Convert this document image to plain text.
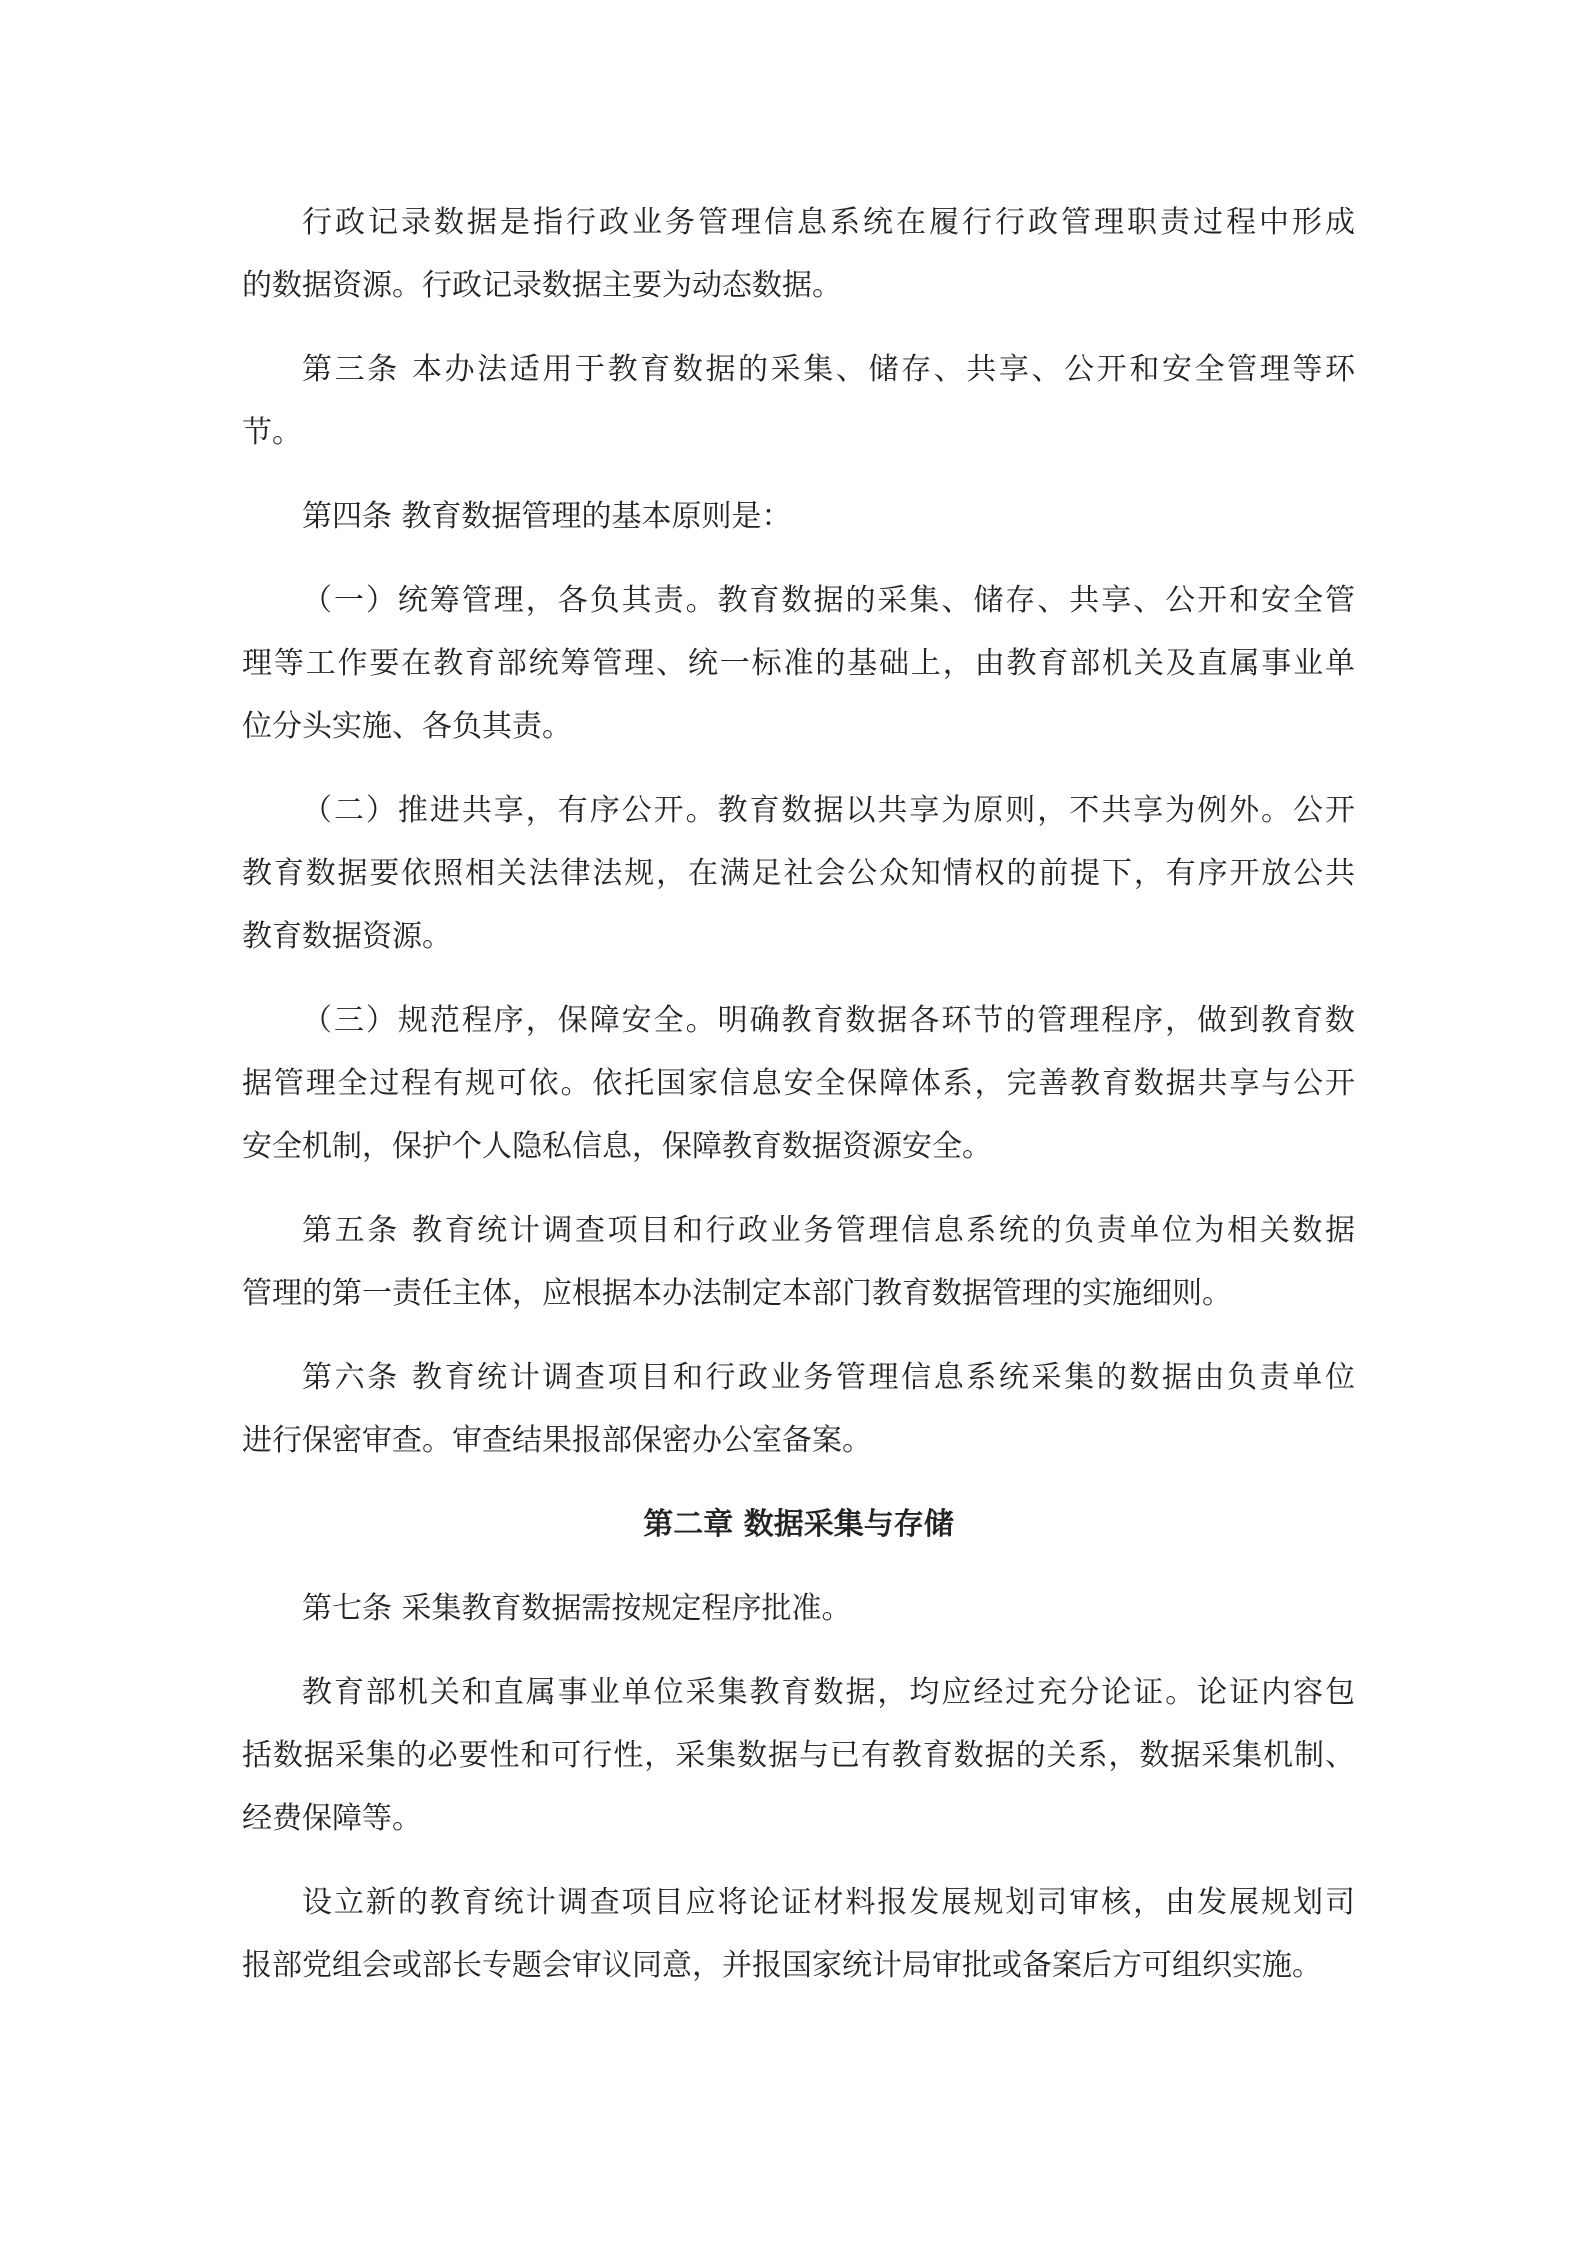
行政记录数据是指行政业务管理信息系统在履行行政管理职责过程中形成
的数据资源。行政记录数据主要为动态数据。
第三条 本办法适用于教育数据的采集、储存、共享、公开和安全管理等环
节。
第四条 教育数据管理的基本原则是：
（一）统筹管理，各负其责。教育数据的采集、储存、共享、公开和安全管
理等工作要在教育部统筹管理、统一标准的基础上，由教育部机关及直属事业单
位分头实施、各负其责。
（二）推进共享，有序公开。教育数据以共享为原则，不共享为例外。公开
教育数据要依照相关法律法规，在满足社会公众知情权的前提下，有序开放公共
教育数据资源。
（三）规范程序，保障安全。明确教育数据各环节的管理程序，做到教育数
据管理全过程有规可依。依托国家信息安全保障体系，完善教育数据共享与公开
安全机制，保护个人隐私信息，保障教育数据资源安全。
第五条 教育统计调查项目和行政业务管理信息系统的负责单位为相关数据
管理的第一责任主体，应根据本办法制定本部门教育数据管理的实施细则。
第六条 教育统计调查项目和行政业务管理信息系统采集的数据由负责单位
进行保密审查。审查结果报部保密办公室备案。
第二章 数据采集与存储
第七条 采集教育数据需按规定程序批准。
教育部机关和直属事业单位采集教育数据，均应经过充分论证。论证内容包
括数据采集的必要性和可行性，采集数据与已有教育数据的关系，数据采集机制、
经费保障等。
设立新的教育统计调查项目应将论证材料报发展规划司审核，由发展规划司
报部党组会或部长专题会审议同意，并报国家统计局审批或备案后方可组织实施。
